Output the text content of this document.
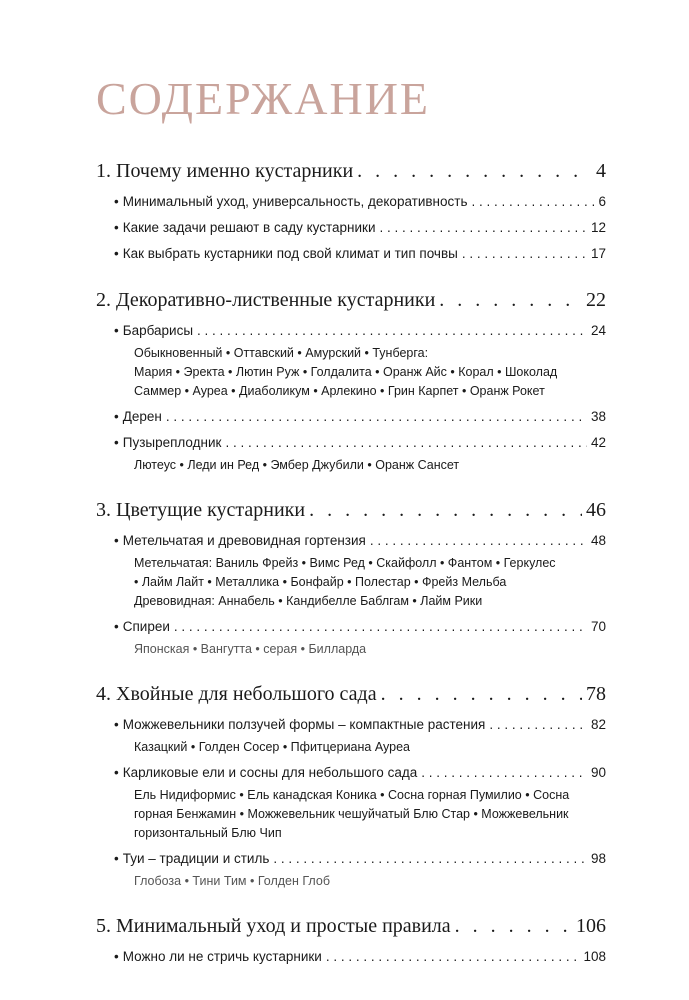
СОДЕРЖАНИЕ
1. Почему именно кустарники . . .	4
• Минимальный уход, универсальность, декоративность . . .	6
• Какие задачи решают в саду кустарники . . .	12
• Как выбрать кустарники под свой климат и тип почвы . . .	17
2. Декоративно-лиственные кустарники . . .	22
• Барбарисы . . .	24
Обыкновенный • Оттавский • Амурский • Тунберга:
Мария • Эректа • Лютин Руж • Голдалита • Оранж Айс • Корал • Шоколад
Саммер • Ауреа • Диаболикум • Арлекино • Грин Карпет • Оранж Рокет
• Дерен . . .	38
• Пузыреплодник . . .	42
Лютеус • Леди ин Ред • Эмбер Джубили • Оранж Сансет
3. Цветущие кустарники . . .	46
• Метельчатая и древовидная гортензия . . .	48
Метельчатая: Ваниль Фрейз • Вимс Ред • Скайфолл • Фантом • Геркулес
• Лайм Лайт • Металлика • Бонфайр • Полестар • Фрейз Мельба
Древовидная: Аннабель • Кандибелле Баблгам • Лайм Рики
• Спиреи . . .	70
Японская • Вангутта • серая • Билларда
4. Хвойные для небольшого сада . . .	78
• Можжевельники ползучей формы – компактные растения . . .	82
Казацкий • Голден Сосер • Пфитцериана Ауреа
• Карликовые ели и сосны для небольшого сада . . .	90
Ель Нидиформис • Ель канадская Коника • Сосна горная Пумилио • Сосна
горная Бенжамин • Можжевельник чешуйчатый Блю Стар • Можжевельник
горизонтальный Блю Чип
• Туи – традиции и стиль . . .	98
Глобоза • Тини Тим • Голден Глоб
5. Минимальный уход и простые правила . . .	106
• Можно ли не стричь кустарники . . .	108
